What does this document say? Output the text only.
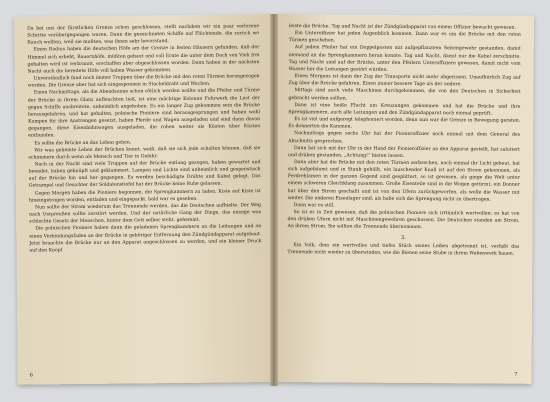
Da bei uns der fürstlichen Grenze schon geschlossen, stellt nachdem wir ein paar verlorene Schritte vorübergegangen waren. Dann die gezeichneten Schiffe auf Flüchtende, die zurück wo Rauch wollten, weil sie mußten, was ihnen sehr bevorstand.

Einen Radius haben die deutschen Höfe am der Grenze in festen Häusern gefunden, daß der Himmel sich erhebt, Bauernhöfe, müßten gebaut und voll Ernte die unter dem Dach von Vieh frei gehalten wird ist verbrannt, erschaffen aber abgeschlossen worden. Dann haben in der nächsten Nacht auch die bereitete Höfe voll haben Wasser gekommen.

Unverständlich fand noch immer Truppen über die Brücke mit den roten Türmen herangezogen worden. Die Grenze aber hat sich eingesponnen in Stacheldraht und Wachen.

Einen Nachmittags, als die Abendsonne schon rötlich werden wollte und die Pfeiler und Türme der Brücke in ihrem Glanz aufleuchten ließ, ist eine mächtige Kolonne Fuhrwerk die Last der gegen Schiffe ausbreitete, unheimlich angehoben. Es ein langer Zug gekommen sein die Brücke herausgefahren, und hat gehalten, polnische Pioniere sind herausgesprungen und haben wohl Kumpen für ihre Anstrengen gesetzt, haben Pferde und Wagen ausgeladen und sind dann davon gegangen, diese Eisenbahnwagen ausgeladen, die rohen weiter als Küsten über Küsten entbunden.

Es sollte die Brücke an das Leben gehen.

Wir was gehemte Leben der Brücken kennt, weiß, daß sie sich jede schalten können, daß sie schimmern durch wenn als Mensch und Tier in Gefahr.

Nach in der Nacht sind viele Truppen auf der Brücke entlang gezogen, haben gewartet und beendet, haben geknüpft und geklammert. Lampen und Lichte sind unheimlich und gespenstisch auf der Brücke hin und her gegangen. Es werden beschädigte Drähte und Kabel gelegt. Das Getrampel und Gesichter der Soldatenstiefel hat der Brücke keine Ruhe gelassen.

Gegen Morgen haben die Pioniere begonnen, die Sprengkammern zu laden. Kiste auf Kiste ist hineingetragen worden, entladen und eingepackt, bald war es gesehen.

Nun sollte der Strom wiederum das Trennende werden, das die Deutschen aufhielte. Der Weg nach Ostpreußen sollte zerstört werden. Und der natürliche Gang der Dinge, das einzige was schlechte Gesetz der Menschen, hinter dem Gott selber steht, gehemmt.

Die polnischen Pioniere haben dann die geladenen Sprengkammern an die Leitungen und an einen Verbindungsfaden an der Brücke in gehöriger Entfernung den Zündgündapparat aufgebaut. Jetzt brauchte die Brücke nur an den Apparat angeschlossen zu werden, und ein kleiner Druck auf den Knopf

6

leiste die Brücke. Tag und Nacht ist der Zündgündapparat von einem Offizier bewacht gewesen.

Ein Unteroffizier hat jeden Augenblick kommen. Dann war es um die Brücke mit den roten Türmen geschehen.

Auf jedem Pfeiler hat ein Doppelposten mit aufgepflanztem Seitengewehr gestanden, damit niemand an die Sprengkammern heran konnte. Tag und Nacht, damit nur die Kabel zerschnitte. Tag und Nacht sind auf der Brücke, unter den Pfeilern Unteroffiziere gewesen, damit nicht vom Wasser her die Leitungen gestört würden.

Einen Morgens ist dann der Zug der Transporte nicht mehr abgerissen. Unaufhörlich Zug auf Zug über die Brücke gefahren. Einen immer bessere Tage als der andere.

Mittags sind auch viele Maschinen durchgekommen, die von den Deutschen in Sicherheit gebracht werden sollten.

Dann ist eine heiße Flucht um Kreuzungen gekommen und hat die Brücke und ihre Sprengkammern, auch alle Leitungen und den Zündgündapparat noch einmal geprüft.

Es ist viel und aufgeregt telephoniert worden, denn nun war die Grenze in Bewegung geraten. Es donnerten die Kanonen.

Nachmittags gegen sechs Uhr hat der Pionieroffizier noch einmal mit dem General des Abschnitts gesprochen.

Dann hat sich mit der Uhr in der Hand der Pionieroffizier an den Apparat gestellt, hat salutiert und drüben gestanden, „Achtung!“ bieten lassen.

Dann aber hat die Brücke mit den roten Türmen zerbrechen, noch einmal ihr Licht gebeut, hat sich aufgebäumt und in Staub gehüllt, ein lauschender Knall ist auf den Strom gekommen, als Ferdrehlamen in der ganzen Gegend sind gesplittert, so ist gewesen, als ginge die Welt unter einem schweren Gleichklang zusammen. Große Eisenteile sind in die Wogen getürmt, ein Donner hat über den Strom geschallt und ist von den Ufern zurückgeworfen, als wolle die Wasser mit weiter. Die anderen Eisenlager sind, als habe sich die Sprengung nicht zu übertragen.

Dann war es still.

So ist es in Zeit gewesen, daß die polnischen Pioniere sich irrtümlich wertvollen: es hat von den drüben Ufern nicht mit Maschinengewehren geschossen. Die Deutschen standen am Strom. An ihrem Strom. Sie sollten die Trennende übernommen.

3.

Ein Volk, dem ein wertvolles und tiefes Stück seines Leibes abgetrennt ist, verfaßt das Trennende nicht wieder zu überwinden, wie die Bienen seine Stube in ihrem Wabenwerk bauen.

7
